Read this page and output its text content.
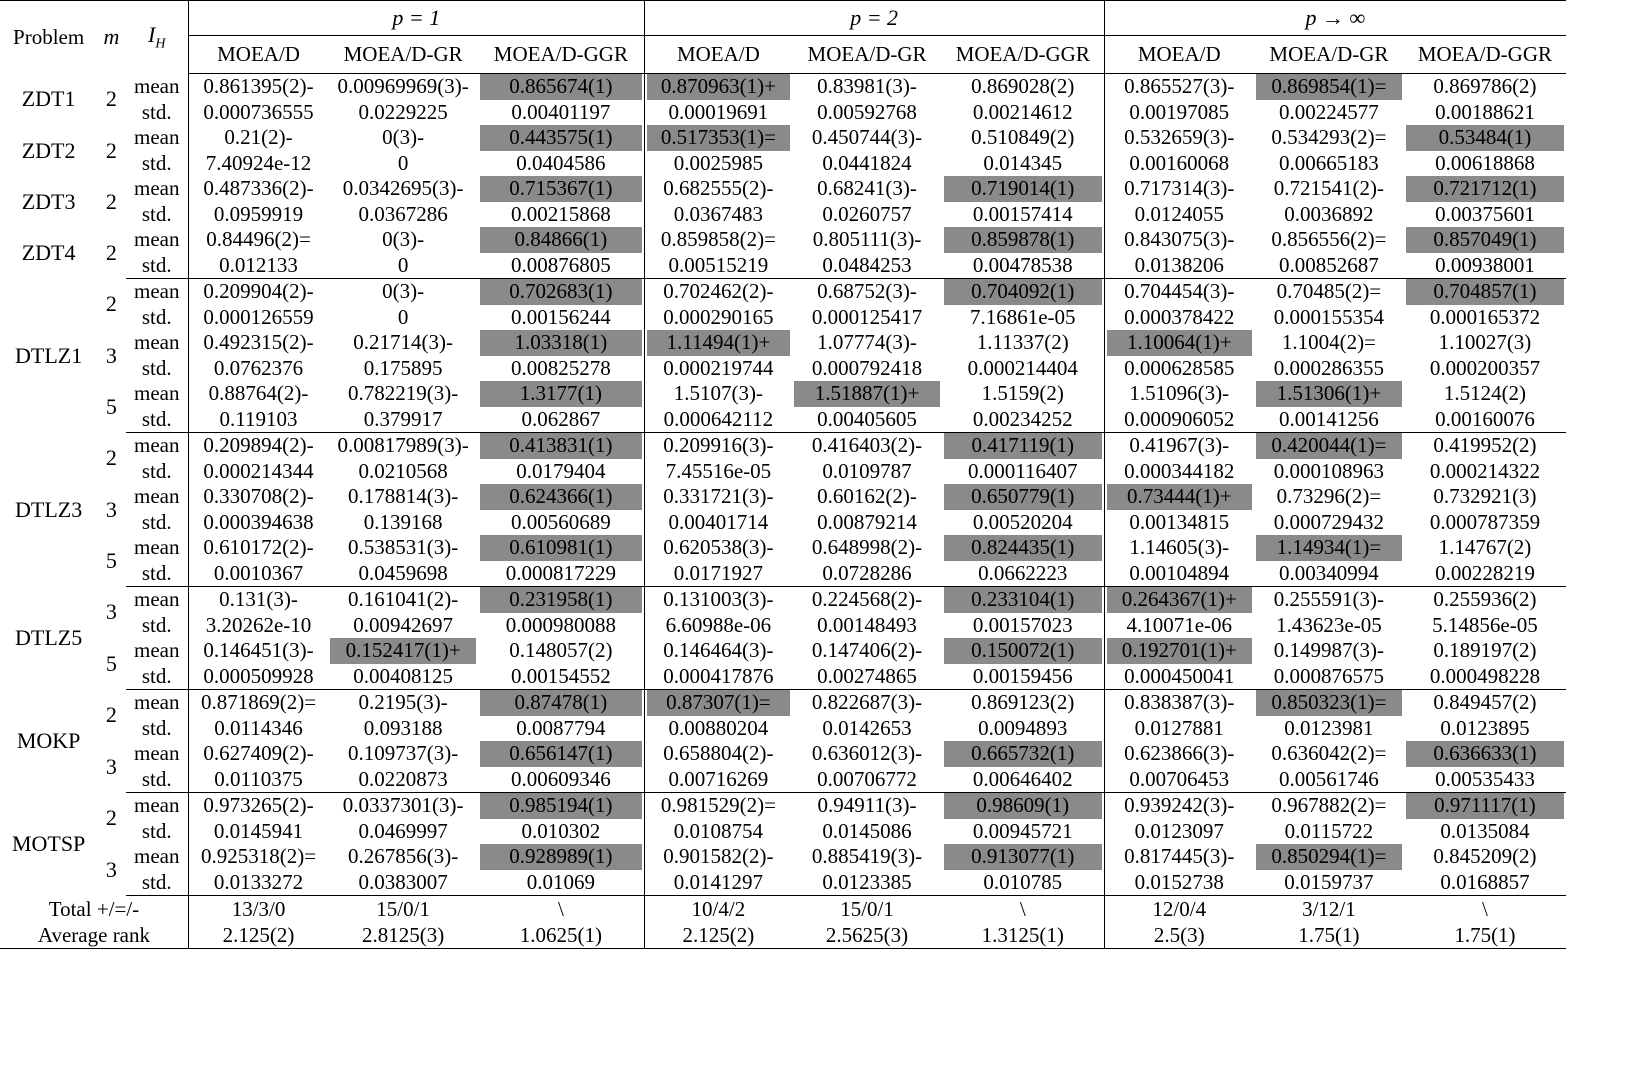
Problem	m	$I_H$	p = 1			p = 2			p → ∞		
			MOEA/D	MOEA/D-GR	MOEA/D-GGR	MOEA/D	MOEA/D-GR	MOEA/D-GGR	MOEA/D	MOEA/D-GR	MOEA/D-GGR
ZDT1	2	mean	0.861395(2)-	0.00969969(3)-	0.865674(1)	0.870963(1)+	0.83981(3)-	0.869028(2)	0.865527(3)-	0.869854(1)=	0.869786(2)

		std.	0.000736555	0.0229225	0.00401197	0.00019691	0.00592768	0.00214612	0.00197085	0.00224577	0.00188621

ZDT2	2	mean	0.21(2)-	0(3)-	0.443575(1)	0.517353(1)=	0.450744(3)-	0.510849(2)	0.532659(3)-	0.534293(2)=	0.53484(1)

		std.	7.40924e-12	0	0.0404586	0.0025985	0.0441824	0.014345	0.00160068	0.00665183	0.00618868

ZDT3	2	mean	0.487336(2)-	0.0342695(3)-	0.715367(1)	0.682555(2)-	0.68241(3)-	0.719014(1)	0.717314(3)-	0.721541(2)-	0.721712(1)

		std.	0.0959919	0.0367286	0.00215868	0.0367483	0.0260757	0.00157414	0.0124055	0.0036892	0.00375601

ZDT4	2	mean	0.84496(2)=	0(3)-	0.84866(1)	0.859858(2)=	0.805111(3)-	0.859878(1)	0.843075(3)-	0.856556(2)=	0.857049(1)

		std.	0.012133	0	0.00876805	0.00515219	0.0484253	0.00478538	0.0138206	0.00852687	0.00938001

DTLZ1	2	mean	0.209904(2)-	0(3)-	0.702683(1)	0.702462(2)-	0.68752(3)-	0.704092(1)	0.704454(3)-	0.70485(2)=	0.704857(1)

		std.	0.000126559	0	0.00156244	0.000290165	0.000125417	7.16861e-05	0.000378422	0.000155354	0.000165372

	3	mean	0.492315(2)-	0.21714(3)-	1.03318(1)	1.11494(1)+	1.07774(3)-	1.11337(2)	1.10064(1)+	1.1004(2)=	1.10027(3)

		std.	0.0762376	0.175895	0.00825278	0.000219744	0.000792418	0.000214404	0.000628585	0.000286355	0.000200357

	5	mean	0.88764(2)-	0.782219(3)-	1.3177(1)	1.5107(3)-	1.51887(1)+	1.5159(2)	1.51096(3)-	1.51306(1)+	1.5124(2)

		std.	0.119103	0.379917	0.062867	0.000642112	0.00405605	0.00234252	0.000906052	0.00141256	0.00160076

DTLZ3	2	mean	0.209894(2)-	0.00817989(3)-	0.413831(1)	0.209916(3)-	0.416403(2)-	0.417119(1)	0.41967(3)-	0.420044(1)=	0.419952(2)

		std.	0.000214344	0.0210568	0.0179404	7.45516e-05	0.0109787	0.000116407	0.000344182	0.000108963	0.000214322

	3	mean	0.330708(2)-	0.178814(3)-	0.624366(1)	0.331721(3)-	0.60162(2)-	0.650779(1)	0.73444(1)+	0.73296(2)=	0.732921(3)

		std.	0.000394638	0.139168	0.00560689	0.00401714	0.00879214	0.00520204	0.00134815	0.000729432	0.000787359

	5	mean	0.610172(2)-	0.538531(3)-	0.610981(1)	0.620538(3)-	0.648998(2)-	0.824435(1)	1.14605(3)-	1.14934(1)=	1.14767(2)

		std.	0.0010367	0.0459698	0.000817229	0.0171927	0.0728286	0.0662223	0.00104894	0.00340994	0.00228219

DTLZ5	3	mean	0.131(3)-	0.161041(2)-	0.231958(1)	0.131003(3)-	0.224568(2)-	0.233104(1)	0.264367(1)+	0.255591(3)-	0.255936(2)

		std.	3.20262e-10	0.00942697	0.000980088	6.60988e-06	0.00148493	0.00157023	4.10071e-06	1.43623e-05	5.14856e-05

	5	mean	0.146451(3)-	0.152417(1)+	0.148057(2)	0.146464(3)-	0.147406(2)-	0.150072(1)	0.192701(1)+	0.149987(3)-	0.189197(2)

		std.	0.000509928	0.00408125	0.00154552	0.000417876	0.00274865	0.00159456	0.000450041	0.000876575	0.000498228

MOKP	2	mean	0.871869(2)=	0.2195(3)-	0.87478(1)	0.87307(1)=	0.822687(3)-	0.869123(2)	0.838387(3)-	0.850323(1)=	0.849457(2)

		std.	0.0114346	0.093188	0.0087794	0.00880204	0.0142653	0.0094893	0.0127881	0.0123981	0.0123895

	3	mean	0.627409(2)-	0.109737(3)-	0.656147(1)	0.658804(2)-	0.636012(3)-	0.665732(1)	0.623866(3)-	0.636042(2)=	0.636633(1)

		std.	0.0110375	0.0220873	0.00609346	0.00716269	0.00706772	0.00646402	0.00706453	0.00561746	0.00535433

MOTSP	2	mean	0.973265(2)-	0.0337301(3)-	0.985194(1)	0.981529(2)=	0.94911(3)-	0.98609(1)	0.939242(3)-	0.967882(2)=	0.971117(1)

		std.	0.0145941	0.0469997	0.010302	0.0108754	0.0145086	0.00945721	0.0123097	0.0115722	0.0135084

	3	mean	0.925318(2)=	0.267856(3)-	0.928989(1)	0.901582(2)-	0.885419(3)-	0.913077(1)	0.817445(3)-	0.850294(1)=	0.845209(2)

		std.	0.0133272	0.0383007	0.01069	0.0141297	0.0123385	0.010785	0.0152738	0.0159737	0.0168857

Total +/=/-			13/3/0	15/0/1	\	10/4/2	15/0/1	\	12/0/4	3/12/1	\
Average rank			2.125(2)	2.8125(3)	1.0625(1)	2.125(2)	2.5625(3)	1.3125(1)	2.5(3)	1.75(1)	1.75(1)
